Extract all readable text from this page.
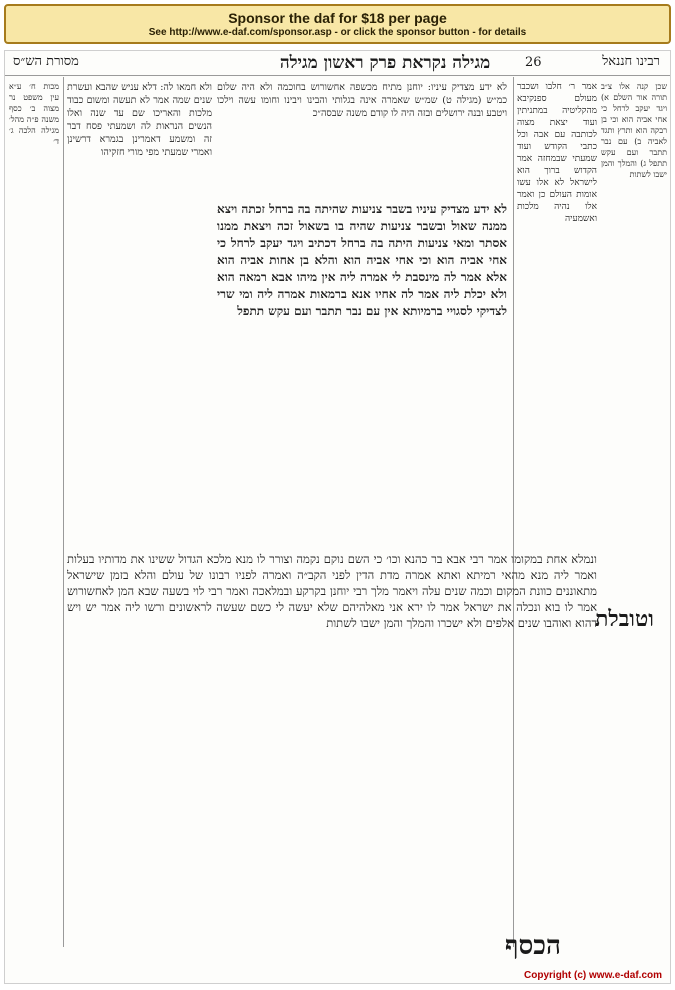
Sponsor the daf for $18 per page
See http://www.e-daf.com/sponsor.asp - or click the sponsor button - for details
מסורת הש״ס	מגילה נקראת פרק ראשון מגילה	26	רבינו חננאל
מכות ח׳ ע״א עין משפט נר מצוה ב׳ כסף משנה פ״ה מהל׳ מגילה הלכה ג׳ ד׳
ולא חמאו לה: דלא עניש שהבא ועשרת שנים שמה אמר לא תעשה ומשום כבוד מלכות והאריכו שם עד שנה ואלו הנשים הנראות לה ושמעתי פסח דבר זה ומשמע דאמרינן בגמרא דרשינן ואמרי שמעתי מפי מורי חזקיהו
לא ידע מצדיק עיניו בשבר צניעות שהיתה בה ברחל זכתה ויצא ממנה שאול ובשבר צניעות שהיה בו בשאול זכה ויצאת ממנו אסתר ומאי צניעות היתה בה ברחל דכתיב ויגד יעקב לרחל כי אחי אביה הוא וכי אחי אביה הוא והלא בן אחות אביה הוא אלא אמר לה מינסבת לי אמרה ליה אין מיהו אבא רמאה הוא ולא יכלת ליה אמר לה אחיו אנא ברמאות אמרה ליה ומי שרי לצדיקי לסגויי ברמיותא אין עם נבר תתבר ועם עקש תתפל
לא ידע מצדיק עיניו: יוחנן מתיח מכשפה אחשורוש בחוכמה ולא היה שלום כמ״ש (מגילה ט) שמ״ש שאמרה אינה בגלותי והבינו ויבינו וחומו עשה וילכו ויטבע ובנה ירושלים ובזה היה לו קודם משנה שבסה״כ
אמר ר׳ חלבו ושכבר מעולם ספנקיבא מהקליטיה במתניתין ועוד יצאת מצוה לכותבה עם אבה וכל כתבי הקודש ועוד שמעתי שבמחזה אמר הקדוש ברוך הוא לישראל לא אלו עשו אומות העולם כן ואמר אלו נהיה מלכות ואשמעיה
שכן קנה אלו צ״ב תורה אור השלם א) ויגד יעקב לרחל כי אחי אביה הוא וכי בן רבקה הוא ותרץ ותגד לאביה ב) עם נבר תתבר ועם עקש תתפל ג) והמלך והמן ישבו לשתות
וטובלת
הכסף
ונמלא אחת במקומו אמר רבי אבא בר כהנא וכו׳ כי השם נוקם נקמה וצורר לו מנא מלכא הגדול ששינו את מדותיו בעלות ואמר ליה מנא מהאי רמיתא ואתא אמרה מדת הדין לפני הקב״ה ואמרה לפניו רבונו של עולם והלא בזמן שישראל מתאוננים כוונת המקום וכמה שנים עלה ויאמר מלך רבי יוחנן בקרקע ובמלאכה ואמר רבי לוי בשעה שבא המן לאחשורוש אמר לו בוא ונכלה את ישראל אמר לו ירא אני מאלהיהם שלא יעשה לי כשם שעשה לראשונים ורשו ליה אמר יש ויש דהוא ואוהבו שנים אלפים ולא ישכרו והמלך והמן ישבו לשתות
Copyright (c) www.e-daf.com
